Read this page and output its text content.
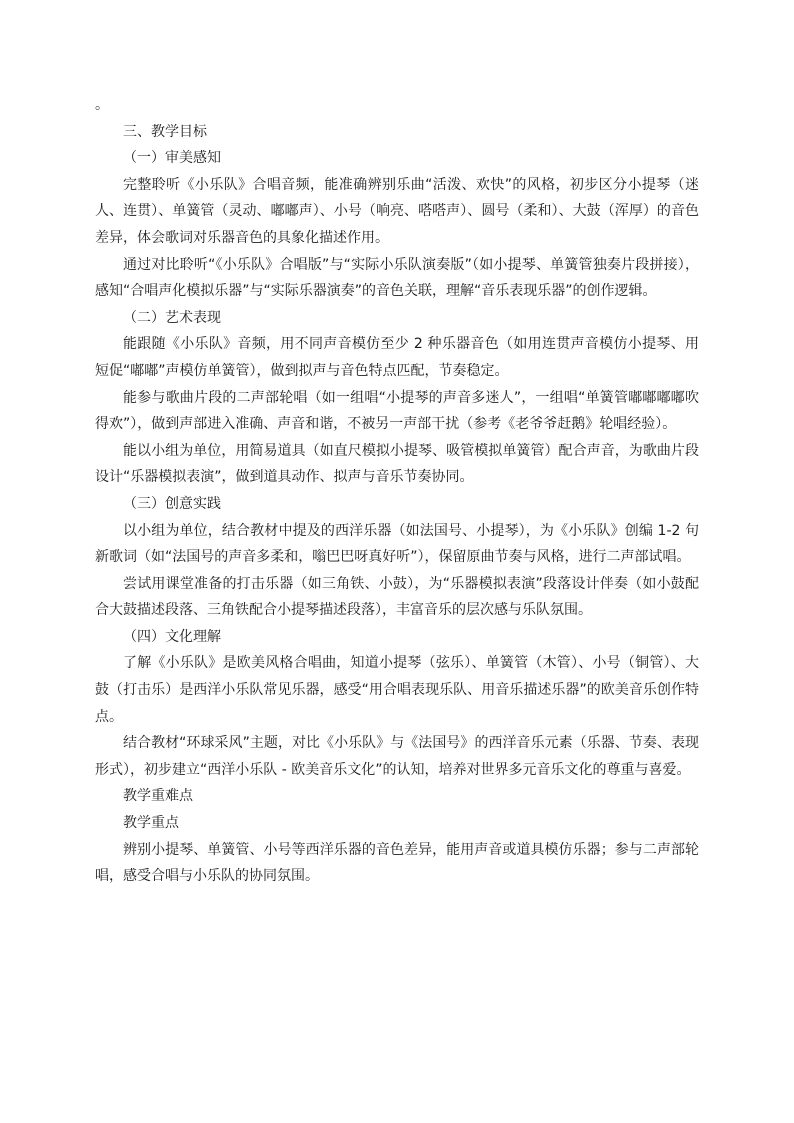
。

三、教学目标

（一）审美感知

完整聆听《小乐队》合唱音频，能准确辨别乐曲“活泼、欢快”的风格，初步区分小提琴（迷人、连贯）、单簧管（灵动、嘟嘟声）、小号（响亮、嗒嗒声）、圆号（柔和）、大鼓（浑厚）的音色差异，体会歌词对乐器音色的具象化描述作用。

通过对比聆听“《小乐队》合唱版”与“实际小乐队演奏版”（如小提琴、单簧管独奏片段拼接），感知“合唱声化模拟乐器”与“实际乐器演奏”的音色关联，理解“音乐表现乐器”的创作逻辑。

（二）艺术表现

能跟随《小乐队》音频，用不同声音模仿至少 2 种乐器音色（如用连贯声音模仿小提琴、用短促“嘟嘟”声模仿单簧管），做到拟声与音色特点匹配，节奏稳定。

能参与歌曲片段的二声部轮唱（如一组唱“小提琴的声音多迷人”，一组唱“单簧管嘟嘟嘟嘟吹得欢”），做到声部进入准确、声音和谐，不被另一声部干扰（参考《老爷爷赶鹅》轮唱经验）。

能以小组为单位，用简易道具（如直尺模拟小提琴、吸管模拟单簧管）配合声音，为歌曲片段设计“乐器模拟表演”，做到道具动作、拟声与音乐节奏协同。

（三）创意实践

以小组为单位，结合教材中提及的西洋乐器（如法国号、小提琴），为《小乐队》创编 1-2 句新歌词（如“法国号的声音多柔和，嗡巴巴呀真好听”），保留原曲节奏与风格，进行二声部试唱。

尝试用课堂准备的打击乐器（如三角铁、小鼓），为“乐器模拟表演”段落设计伴奏（如小鼓配合大鼓描述段落、三角铁配合小提琴描述段落），丰富音乐的层次感与乐队氛围。

（四）文化理解

了解《小乐队》是欧美风格合唱曲，知道小提琴（弦乐）、单簧管（木管）、小号（铜管）、大鼓（打击乐）是西洋小乐队常见乐器，感受“用合唱表现乐队、用音乐描述乐器”的欧美音乐创作特点。

结合教材“环球采风”主题，对比《小乐队》与《法国号》的西洋音乐元素（乐器、节奏、表现形式），初步建立“西洋小乐队 - 欧美音乐文化”的认知，培养对世界多元音乐文化的尊重与喜爱。

教学重难点

教学重点

辨别小提琴、单簧管、小号等西洋乐器的音色差异，能用声音或道具模仿乐器；参与二声部轮唱，感受合唱与小乐队的协同氛围。
